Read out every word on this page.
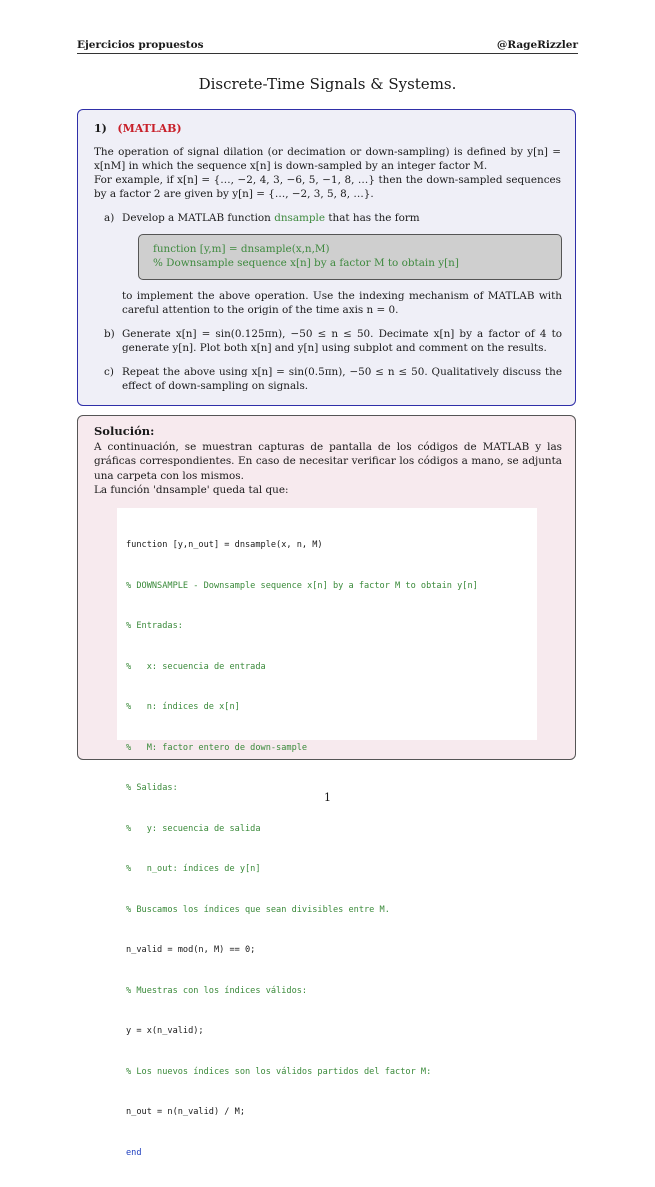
Ejercicios propuestos	@RageRizzler
Discrete-Time Signals & Systems.
1) (MATLAB)
The operation of signal dilation (or decimation or down-sampling) is defined by y[n] = x[nM] in which the sequence x[n] is down-sampled by an integer factor M.
For example, if x[n] = {…, −2, 4, 3, −6, 5, −1, 8, …} then the down-sampled sequences by a factor 2 are given by y[n] = {…, −2, 3, 5, 8, …}.
a) Develop a MATLAB function dnsample that has the form
function [y,m] = dnsample(x,n,M)
% Downsample sequence x[n] by a factor M to obtain y[n]
to implement the above operation. Use the indexing mechanism of MATLAB with careful attention to the origin of the time axis n = 0.
b) Generate x[n] = sin(0.125πn), −50 ≤ n ≤ 50. Decimate x[n] by a factor of 4 to generate y[n]. Plot both x[n] and y[n] using subplot and comment on the results.
c) Repeat the above using x[n] = sin(0.5πn), −50 ≤ n ≤ 50. Qualitatively discuss the effect of down-sampling on signals.
Solución:
A continuación, se muestran capturas de pantalla de los códigos de MATLAB y las gráficas correspondientes. En caso de necesitar verificar los códigos a mano, se adjunta una carpeta con los mismos.
La función 'dnsample' queda tal que:

function [y,n_out] = dnsample(x, n, M)

% DOWNSAMPLE - Downsample sequence x[n] by a factor M to obtain y[n]

% Entradas:

%   x: secuencia de entrada

%   n: índices de x[n]

%   M: factor entero de down-sample

% Salidas:

%   y: secuencia de salida

%   n_out: índices de y[n]

% Buscamos los índices que sean divisibles entre M.

n_valid = mod(n, M) == 0;

% Muestras con los índices válidos:

y = x(n_valid);

% Los nuevos índices son los válidos partidos del factor M:

n_out = n(n_valid) / M;

end

1
